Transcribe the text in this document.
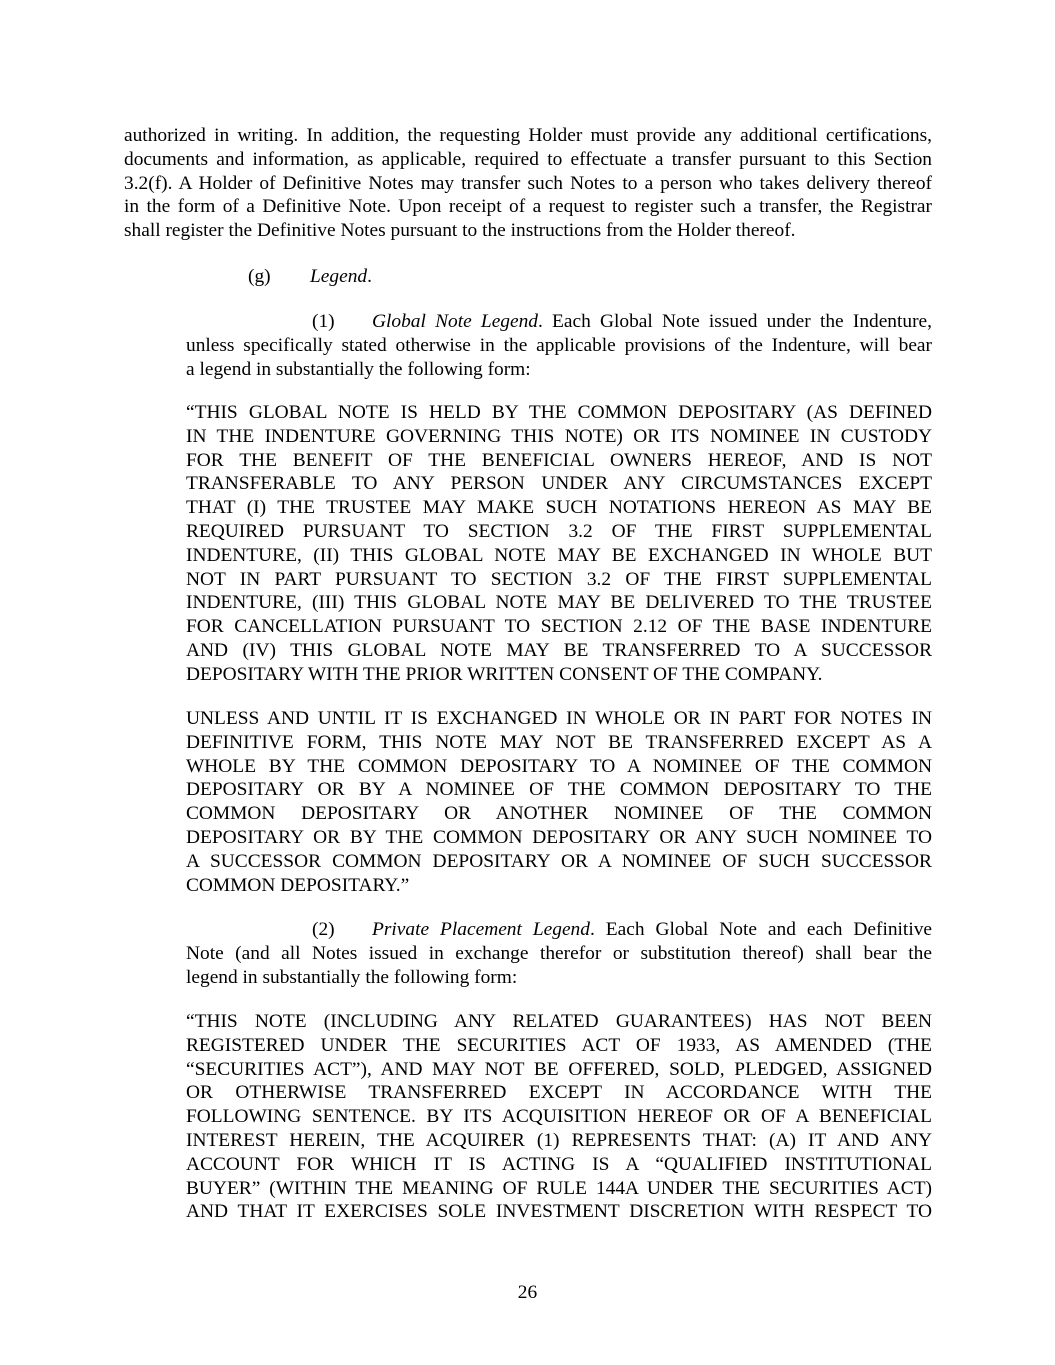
authorized in writing. In addition, the requesting Holder must provide any additional certifications,
documents and information, as applicable, required to effectuate a transfer pursuant to this Section
3.2(f). A Holder of Definitive Notes may transfer such Notes to a person who takes delivery thereof
in the form of a Definitive Note. Upon receipt of a request to register such a transfer, the Registrar
shall register the Definitive Notes pursuant to the instructions from the Holder thereof.
(g) Legend.
(1) Global Note Legend. Each Global Note issued under the Indenture,
unless specifically stated otherwise in the applicable provisions of the Indenture, will bear
a legend in substantially the following form:
“THIS GLOBAL NOTE IS HELD BY THE COMMON DEPOSITARY (AS DEFINED
IN THE INDENTURE GOVERNING THIS NOTE) OR ITS NOMINEE IN CUSTODY
FOR THE BENEFIT OF THE BENEFICIAL OWNERS HEREOF, AND IS NOT
TRANSFERABLE TO ANY PERSON UNDER ANY CIRCUMSTANCES EXCEPT
THAT (I) THE TRUSTEE MAY MAKE SUCH NOTATIONS HEREON AS MAY BE
REQUIRED PURSUANT TO SECTION 3.2 OF THE FIRST SUPPLEMENTAL
INDENTURE, (II) THIS GLOBAL NOTE MAY BE EXCHANGED IN WHOLE BUT
NOT IN PART PURSUANT TO SECTION 3.2 OF THE FIRST SUPPLEMENTAL
INDENTURE, (III) THIS GLOBAL NOTE MAY BE DELIVERED TO THE TRUSTEE
FOR CANCELLATION PURSUANT TO SECTION 2.12 OF THE BASE INDENTURE
AND (IV) THIS GLOBAL NOTE MAY BE TRANSFERRED TO A SUCCESSOR
DEPOSITARY WITH THE PRIOR WRITTEN CONSENT OF THE COMPANY.
UNLESS AND UNTIL IT IS EXCHANGED IN WHOLE OR IN PART FOR NOTES IN
DEFINITIVE FORM, THIS NOTE MAY NOT BE TRANSFERRED EXCEPT AS A
WHOLE BY THE COMMON DEPOSITARY TO A NOMINEE OF THE COMMON
DEPOSITARY OR BY A NOMINEE OF THE COMMON DEPOSITARY TO THE
COMMON DEPOSITARY OR ANOTHER NOMINEE OF THE COMMON
DEPOSITARY OR BY THE COMMON DEPOSITARY OR ANY SUCH NOMINEE TO
A SUCCESSOR COMMON DEPOSITARY OR A NOMINEE OF SUCH SUCCESSOR
COMMON DEPOSITARY.”
(2) Private Placement Legend. Each Global Note and each Definitive
Note (and all Notes issued in exchange therefor or substitution thereof) shall bear the
legend in substantially the following form:
“THIS NOTE (INCLUDING ANY RELATED GUARANTEES) HAS NOT BEEN
REGISTERED UNDER THE SECURITIES ACT OF 1933, AS AMENDED (THE
“SECURITIES ACT”), AND MAY NOT BE OFFERED, SOLD, PLEDGED, ASSIGNED
OR OTHERWISE TRANSFERRED EXCEPT IN ACCORDANCE WITH THE
FOLLOWING SENTENCE. BY ITS ACQUISITION HEREOF OR OF A BENEFICIAL
INTEREST HEREIN, THE ACQUIRER (1) REPRESENTS THAT: (A) IT AND ANY
ACCOUNT FOR WHICH IT IS ACTING IS A “QUALIFIED INSTITUTIONAL
BUYER” (WITHIN THE MEANING OF RULE 144A UNDER THE SECURITIES ACT)
AND THAT IT EXERCISES SOLE INVESTMENT DISCRETION WITH RESPECT TO
26
